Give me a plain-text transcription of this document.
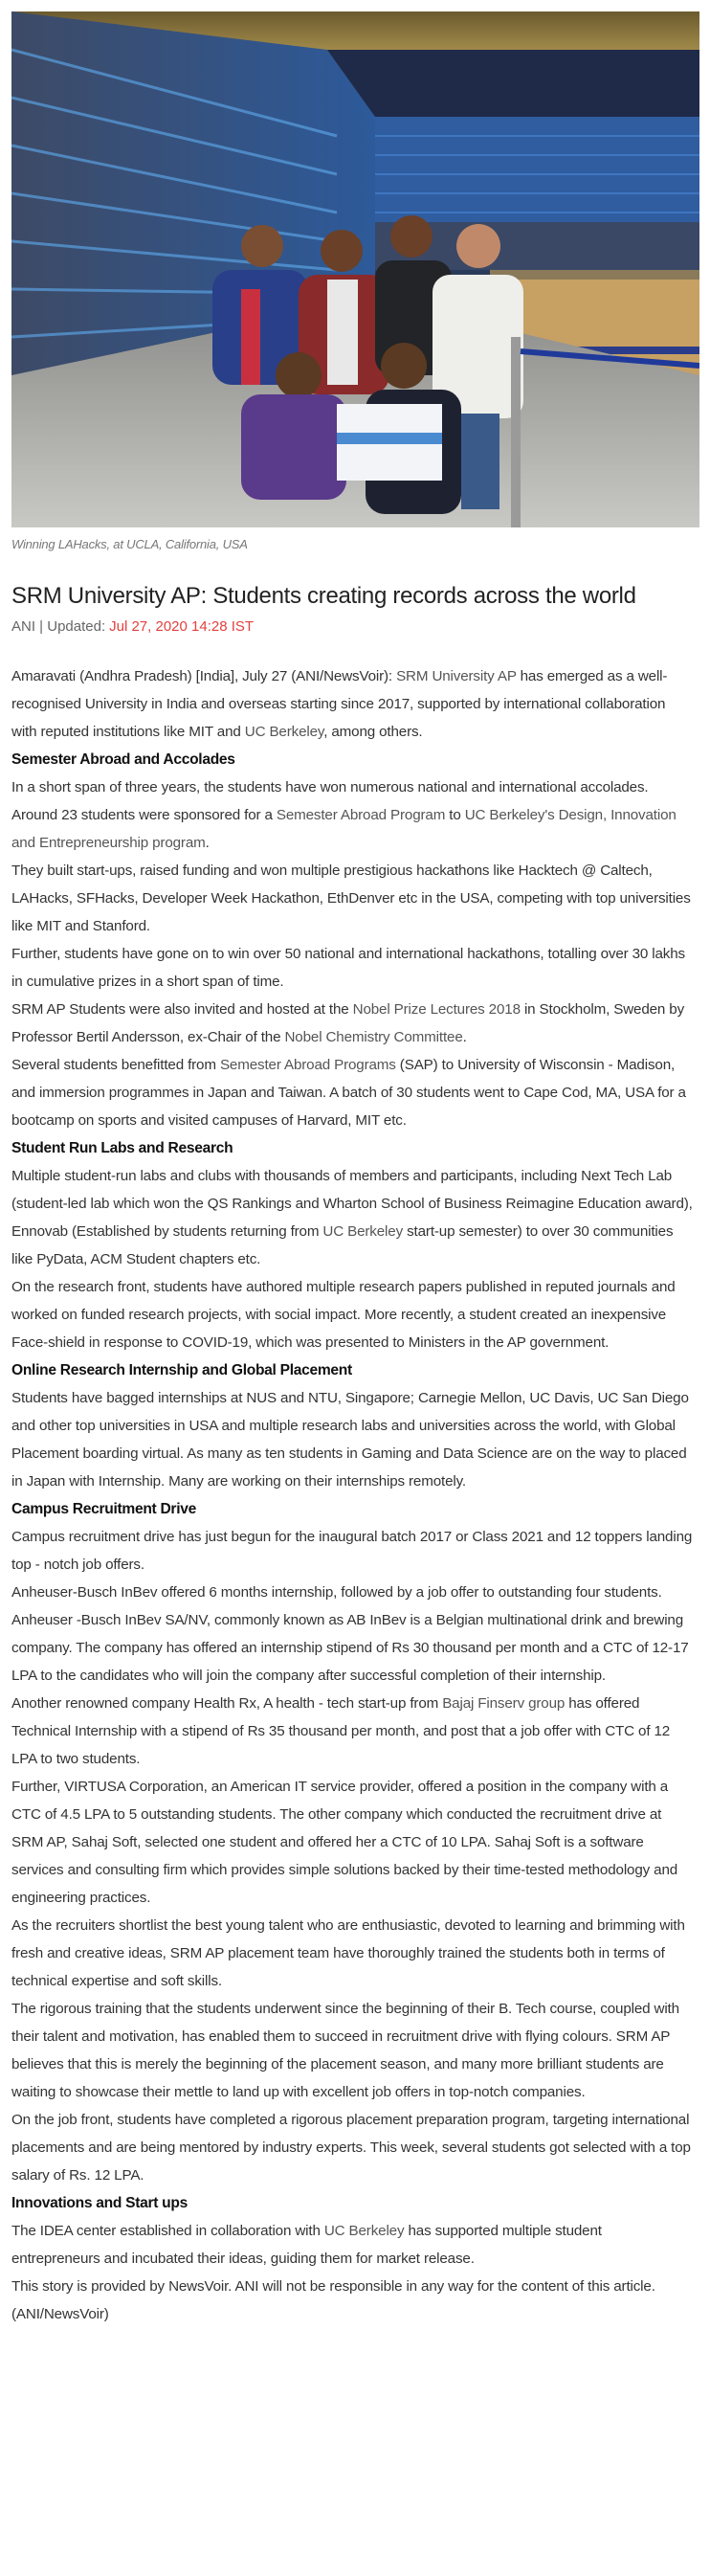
Winning LAHacks, at UCLA, California, USA
SRM University AP: Students creating records across the world
ANI | Updated: Jul 27, 2020 14:28 IST

Amaravati (Andhra Pradesh) [India], July 27 (ANI/NewsVoir): SRM University AP has emerged as a well-recognised University in India and overseas starting since 2017, supported by international collaboration with reputed institutions like MIT and UC Berkeley, among others.

Semester Abroad and Accolades

In a short span of three years, the students have won numerous national and international accolades. Around 23 students were sponsored for a Semester Abroad Program to UC Berkeley's Design, Innovation and Entrepreneurship program.

They built start-ups, raised funding and won multiple prestigious hackathons like Hacktech @ Caltech, LAHacks, SFHacks, Developer Week Hackathon, EthDenver etc in the USA, competing with top universities like MIT and Stanford.

Further, students have gone on to win over 50 national and international hackathons, totalling over 30 lakhs in cumulative prizes in a short span of time.

SRM AP Students were also invited and hosted at the Nobel Prize Lectures 2018 in Stockholm, Sweden by Professor Bertil Andersson, ex-Chair of the Nobel Chemistry Committee.

Several students benefitted from Semester Abroad Programs (SAP) to University of Wisconsin - Madison, and immersion programmes in Japan and Taiwan. A batch of 30 students went to Cape Cod, MA, USA for a bootcamp on sports and visited campuses of Harvard, MIT etc.

Student Run Labs and Research

Multiple student-run labs and clubs with thousands of members and participants, including Next Tech Lab (student-led lab which won the QS Rankings and Wharton School of Business Reimagine Education award), Ennovab (Established by students returning from UC Berkeley start-up semester) to over 30 communities like PyData, ACM Student chapters etc.

On the research front, students have authored multiple research papers published in reputed journals and worked on funded research projects, with social impact. More recently, a student created an inexpensive Face-shield in response to COVID-19, which was presented to Ministers in the AP government.

Online Research Internship and Global Placement

Students have bagged internships at NUS and NTU, Singapore; Carnegie Mellon, UC Davis, UC San Diego and other top universities in USA and multiple research labs and universities across the world, with Global Placement boarding virtual. As many as ten students in Gaming and Data Science are on the way to placed in Japan with Internship. Many are working on their internships remotely.

Campus Recruitment Drive

Campus recruitment drive has just begun for the inaugural batch 2017 or Class 2021 and 12 toppers landing top - notch job offers.

Anheuser-Busch InBev offered 6 months internship, followed by a job offer to outstanding four students. Anheuser -Busch InBev SA/NV, commonly known as AB InBev is a Belgian multinational drink and brewing company. The company has offered an internship stipend of Rs 30 thousand per month and a CTC of 12-17 LPA to the candidates who will join the company after successful completion of their internship.

Another renowned company Health Rx, A health - tech start-up from Bajaj Finserv group has offered Technical Internship with a stipend of Rs 35 thousand per month, and post that a job offer with CTC of 12 LPA to two students.

Further, VIRTUSA Corporation, an American IT service provider, offered a position in the company with a CTC of 4.5 LPA to 5 outstanding students. The other company which conducted the recruitment drive at SRM AP, Sahaj Soft, selected one student and offered her a CTC of 10 LPA. Sahaj Soft is a software services and consulting firm which provides simple solutions backed by their time-tested methodology and engineering practices.

As the recruiters shortlist the best young talent who are enthusiastic, devoted to learning and brimming with fresh and creative ideas, SRM AP placement team have thoroughly trained the students both in terms of technical expertise and soft skills.

The rigorous training that the students underwent since the beginning of their B. Tech course, coupled with their talent and motivation, has enabled them to succeed in recruitment drive with flying colours. SRM AP believes that this is merely the beginning of the placement season, and many more brilliant students are waiting to showcase their mettle to land up with excellent job offers in top-notch companies.

On the job front, students have completed a rigorous placement preparation program, targeting international placements and are being mentored by industry experts. This week, several students got selected with a top salary of Rs. 12 LPA.

Innovations and Start ups

The IDEA center established in collaboration with UC Berkeley has supported multiple student entrepreneurs and incubated their ideas, guiding them for market release.

This story is provided by NewsVoir. ANI will not be responsible in any way for the content of this article. (ANI/NewsVoir)
